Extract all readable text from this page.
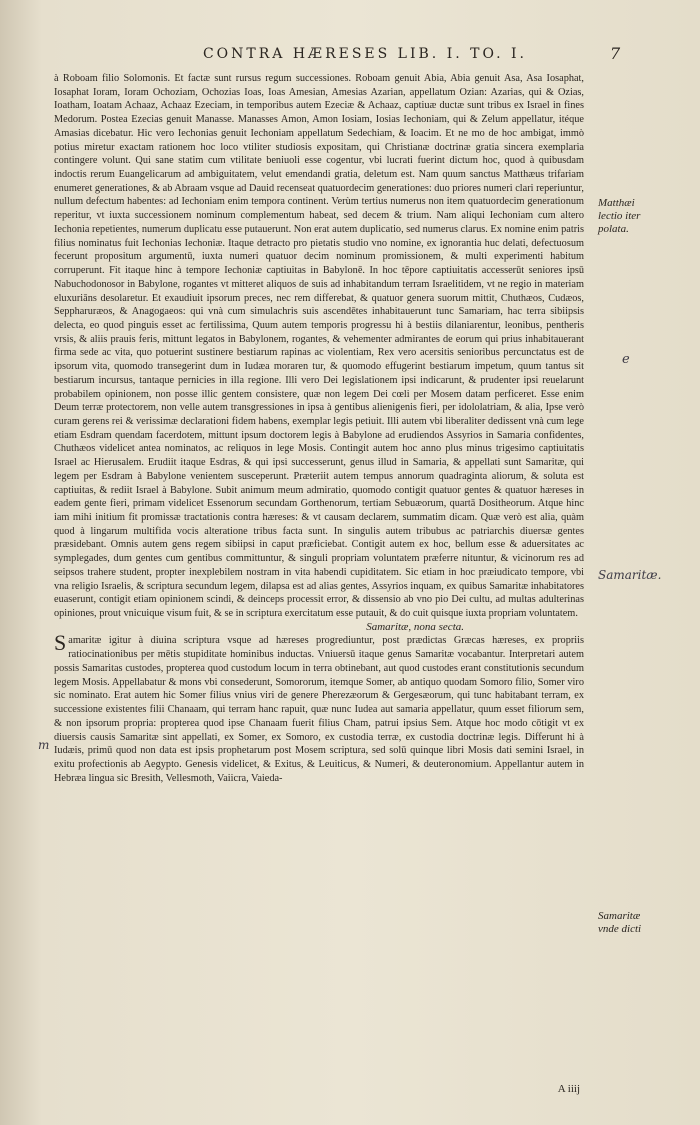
CONTRA HÆRESES LIB. I. TO. I.	7

à Roboam filio Solomonis. Et factæ sunt rursus regum successiones. Roboam genuit Abia, Abia genuit Asa, Asa Iosaphat, Iosaphat Ioram, Ioram Ochoziam, Ochozias Ioas, Ioas Amesian, Amesias Azarian, appellatum Ozian: Azarias, qui & Ozias, Ioatham, Ioatam Achaaz, Achaaz Ezeciam, in temporibus autem Ezeciæ & Achaaz, captiuæ ductæ sunt tribus ex Israel in fines Medorum. Postea Ezecias genuit Manasse. Manasses Amon, Amon Iosiam, Iosias Iechoniam, qui & Zelum appellatur, itéque Amasias dicebatur. Hic vero Iechonias genuit Iechoniam appellatum Sedechiam, & Ioacim. Et ne mo de hoc ambigat, immò potius miretur exactam rationem hoc loco vtiliter studiosis expositam, qui Christianæ doctrinæ gratia sincera exemplaria contingere volunt. Qui sane statim cum vtilitate beniuoli esse cogentur, vbi lucrati fuerint dictum hoc, quod à quibusdam indoctis rerum Euangelicarum ad ambiguitatem, velut emendandi gratia, deletum est. Nam quum sanctus Matthæus trifariam enumeret generationes, & ab Abraam vsque ad Dauid recenseat quatuordecim generationes: duo priores numeri clari reperiuntur, nullum defectum habentes: ad Iechoniam enim tempora continent. Verùm tertius numerus non item quatuordecim generationum reperitur, vt iuxta successionem nominum complementum habeat, sed decem & trium. Nam aliqui Iechoniam cum altero Iechonia repetientes, numerum duplicatu esse putauerunt. Non erat autem duplicatio, sed numerus clarus. Ex nomine enim patris filius nominatus fuit Iechonias Iechoniæ. Itaque detracto pro pietatis studio vno nomine, ex ignorantia huc delati, defectuosum fecerunt propositum argumentū, iuxta numeri quatuor decim nominum promissionem, & multi experimenti habitum corruperunt. Fit itaque hinc à tempore Iechoniæ captiuitas in Babylonē. In hoc tēpore captiuitatis accesserūt seniores ipsū Nabuchodonosor in Babylone, rogantes vt mitteret aliquos de suis ad inhabitandum terram Israelitidem, vt ne regio in materiam eluxuriāns desolaretur. Et exaudiuit ipsorum preces, nec rem differebat, & quatuor genera suorum mittit, Chuthæos, Cudæos, Seppharuræos, & Anagogaeos: qui vnà cum simulachris suis ascendētes inhabitauerunt tunc Samariam, hac terra sibiipsis delecta, eo quod pinguis esset ac fertilissima, Quum autem temporis progressu hi à bestiis dilaniarentur, leonibus, pentheris vrsis, & aliis prauis feris, mittunt legatos in Babylonem, rogantes, & vehementer admirantes de eorum qui prius inhabitauerant firma sede ac vita, quo potuerint sustinere bestiarum rapinas ac violentiam, Rex vero acersitis senioribus percunctatus est de ipsorum vita, quomodo transegerint dum in Iudæa moraren tur, & quomodo effugerint bestiarum impetum, quum tantus sit bestiarum incursus, tantaque pernicies in illa regione. Illi vero Dei legislationem ipsi indicarunt, & prudenter ipsi reuelarunt probabilem opinionem, non posse illic gentem consistere, quæ non legem Dei cœli per Mosem datam perficeret. Esse enim Deum terræ protectorem, non velle autem transgressiones in ipsa à gentibus alienigenis fieri, per idololatriam, & alia, Ipse verò curam gerens rei & verissimæ declarationi fidem habens, exemplar legis petiuit. Illi autem vbi liberaliter dedissent vnà cum lege etiam Esdram quendam facerdotem, mittunt ipsum doctorem legis à Babylone ad erudiendos Assyrios in Samaria confidentes, Chuthæos videlicet antea nominatos, ac reliquos in lege Mosis. Contingit autem hoc anno plus minus trigesimo captiuitatis Israel ac Hierusalem. Erudiit itaque Esdras, & qui ipsi successerunt, genus illud in Samaria, & appellati sunt Samaritæ, qui legem per Esdram à Babylone venientem susceperunt. Præteriit autem tempus annorum quadraginta aliorum, & soluta est captiuitas, & rediit Israel à Babylone. Subit animum meum admiratio, quomodo contigit quatuor gentes & quatuor hæreses in eadem gente fieri, primam videlicet Essenorum secundam Gorthenorum, tertiam Sebuæorum, quartā Dositheorum. Atque hinc iam mihi initium fit promissæ tractationis contra hæreses: & vt causam declarem, summatim dicam. Quæ verò est alia, quàm quod à lingarum multifida vocis alteratione tribus facta sunt. In singulis autem tribubus ac patriarchis diuersæ gentes præsidebant. Omnis autem gens regem sibiipsi in caput præficiebat. Contigit autem ex hoc, bellum esse & aduersitates ac symplegades, dum gentes cum gentibus committuntur, & singuli propriam voluntatem præferre nituntur, & vicinorum res ad seipsos trahere student, propter inexplebilem nostram in vita habendi cupiditatem. Sic etiam in hoc præiudicato tempore, vbi vna religio Israelis, & scriptura secundum legem, dilapsa est ad alias gentes, Assyrios inquam, ex quibus Samaritæ inhabitatores euaserunt, contigit etiam opinionem scindi, & deinceps processit error, & dissensio ab vno pio Dei cultu, ad multas adulterinas opiniones, prout vnicuique visum fuit, & se in scriptura exercitatum esse putauit, & do cuit quisque iuxta propriam voluntatem.

Samaritæ, nona secta.

Samaritæ igitur à diuina scriptura vsque ad hæreses progrediuntur, post prædictas Græcas hæreses, ex propriis ratiocinationibus per mētis stupiditate hominibus inductas. Vniuersū itaque genus Samaritæ vocabantur. Interpretari autem possis Samaritas custodes, propterea quod custodum locum in terra obtinebant, aut quod custodes erant constitutionis secundum legem Mosis. Appellabatur & mons vbi consederunt, Somororum, itemque Somer, ab antiquo quodam Somoro filio, Somer viro sic nominato. Erat autem hic Somer filius vnius viri de genere Pherezæorum & Gergesæorum, qui tunc habitabant terram, ex successione existentes filii Chanaam, qui terram hanc rapuit, quæ nunc Iudea aut samaria appellatur, quum esset filiorum sem, & non ipsorum propria: propterea quod ipse Chanaam fuerit filius Cham, patrui ipsius Sem. Atque hoc modo cōtigit vt ex diuersis causis Samaritæ sint appellati, ex Somer, ex Somoro, ex custodia terræ, ex custodia doctrinæ legis. Differunt hi à Iudæis, primū quod non data est ipsis prophetarum post Mosem scriptura, sed solū quinque libri Mosis dati semini Israel, in exitu profectionis ab Aegypto. Genesis videlicet, & Exitus, & Leuiticus, & Numeri, & deuteronomium. Appellantur autem in Hebræa lingua sic Bresith, Vellesmoth, Vaiicra, Vaieda-

A iiij
Matthæi
lectio iter
polata.
e
Samaritæ.
m
Samaritæ
vnde dicti
